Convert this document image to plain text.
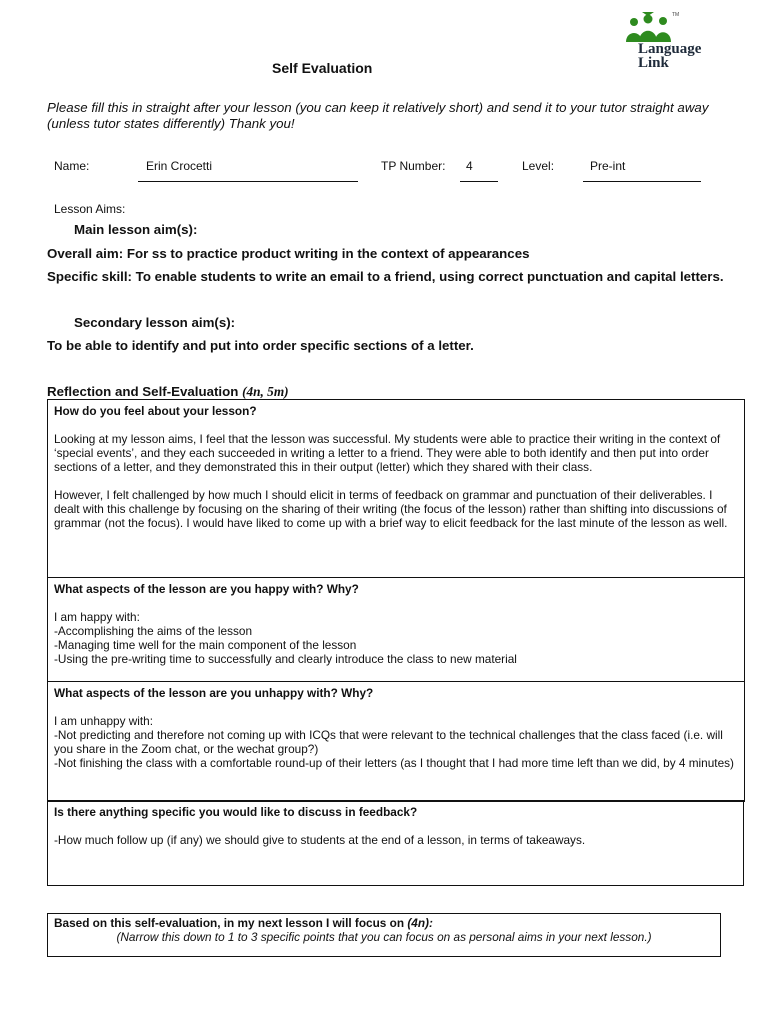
Self Evaluation
TM
Language
Link
Please fill this in straight after your lesson (you can keep it relatively short) and send it to your tutor straight away (unless tutor states differently) Thank you!
Name:	Erin Crocetti	TP Number: 4	Level:	Pre-int
Lesson Aims:
Main lesson aim(s):
Overall aim: For ss to practice product writing in the context of appearances
Specific skill: To enable students to write an email to a friend, using correct punctuation and capital letters.
Secondary lesson aim(s):
To be able to identify and put into order specific sections of a letter.
Reflection and Self-Evaluation (4n, 5m)
How do you feel about your lesson?

Looking at my lesson aims, I feel that the lesson was successful. My students were able to practice their writing in the context of ‘special events’, and they each succeeded in writing a letter to a friend. They were able to both identify and then put into order sections of a letter, and they demonstrated this in their output (letter) which they shared with their class.

However, I felt challenged by how much I should elicit in terms of feedback on grammar and punctuation of their deliverables. I dealt with this challenge by focusing on the sharing of their writing (the focus of the lesson) rather than shifting into discussions of grammar (not the focus). I would have liked to come up with a brief way to elicit feedback for the last minute of the lesson as well.

What aspects of the lesson are you happy with? Why?
I am happy with:
-Accomplishing the aims of the lesson
-Managing time well for the main component of the lesson
-Using the pre-writing time to successfully and clearly introduce the class to new material
What aspects of the lesson are you unhappy with? Why?
I am unhappy with:
-Not predicting and therefore not coming up with ICQs that were relevant to the technical challenges that the class faced (i.e. will you share in the Zoom chat, or the wechat group?)
-Not finishing the class with a comfortable round-up of their letters (as I thought that I had more time left than we did, by 4 minutes)
Is there anything specific you would like to discuss in feedback?

-How much follow up (if any) we should give to students at the end of a lesson, in terms of takeaways.

Based on this self-evaluation, in my next lesson I will focus on (4n):
(Narrow this down to 1 to 3 specific points that you can focus on as personal aims in your next lesson.)
